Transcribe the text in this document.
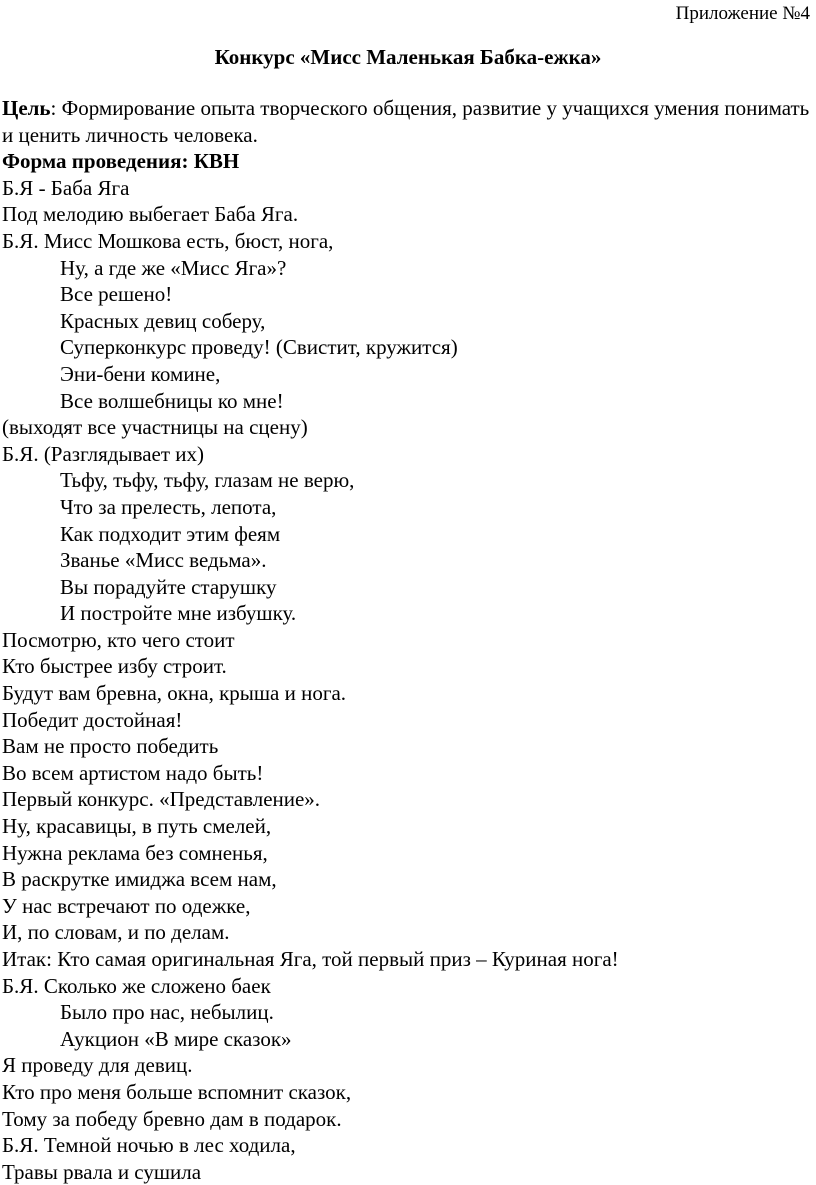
Приложение №4
Конкурс «Мисс Маленькая Бабка-ежка»
Цель: Формирование опыта творческого общения, развитие у учащихся умения понимать и ценить личность человека.
Форма проведения: КВН
Б.Я - Баба Яга
Под мелодию выбегает Баба Яга.
Б.Я. Мисс Мошкова есть, бюст, нога,
Ну, а где же «Мисс Яга»?
Все решено!
Красных девиц соберу,
Суперконкурс проведу! (Свистит, кружится)
Эни-бени комине,
Все волшебницы ко мне!
(выходят все участницы на сцену)
Б.Я. (Разглядывает их)
Тьфу, тьфу, тьфу, глазам не верю,
Что за прелесть, лепота,
Как подходит этим феям
Званье «Мисс ведьма».
Вы порадуйте старушку
И постройте мне избушку.
Посмотрю, кто чего стоит
Кто быстрее избу строит.
Будут вам бревна, окна, крыша и нога.
Победит достойная!
Вам не просто победить
Во всем артистом надо быть!
Первый конкурс. «Представление».
Ну, красавицы, в путь смелей,
Нужна реклама без сомненья,
В раскрутке имиджа всем нам,
У нас встречают по одежке,
И, по словам, и по делам.
Итак: Кто самая оригинальная Яга, той первый приз – Куриная нога!
Б.Я. Сколько же сложено баек
Было про нас, небылиц.
Аукцион «В мире сказок»
Я проведу для девиц.
Кто про меня больше вспомнит сказок,
Тому за победу бревно дам в подарок.
Б.Я. Темной ночью в лес ходила,
Травы рвала и сушила
